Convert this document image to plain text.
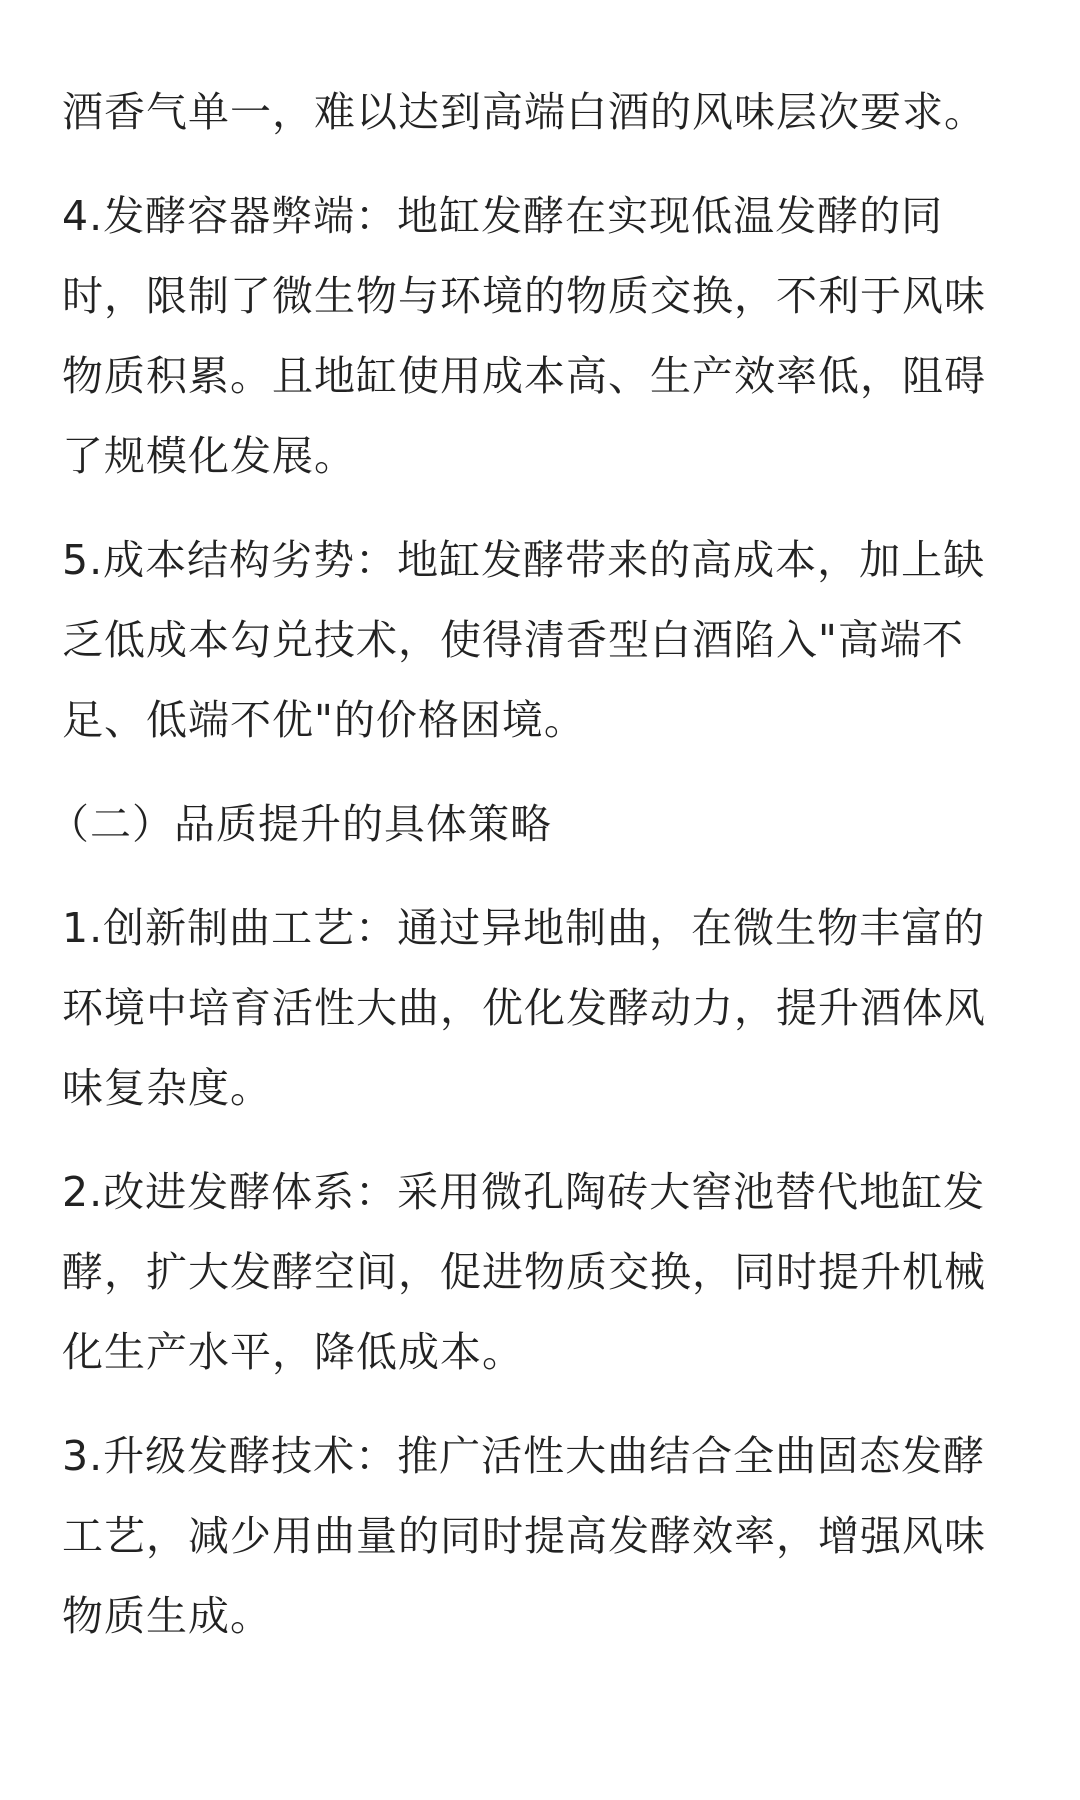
酒香气单一，难以达到高端白酒的风味层次要求。

4.发酵容器弊端：地缸发酵在实现低温发酵的同时，限制了微生物与环境的物质交换，不利于风味物质积累。且地缸使用成本高、生产效率低，阻碍了规模化发展。

5.成本结构劣势：地缸发酵带来的高成本，加上缺乏低成本勾兑技术，使得清香型白酒陷入"高端不足、低端不优"的价格困境。

（二）品质提升的具体策略

1.创新制曲工艺：通过异地制曲，在微生物丰富的环境中培育活性大曲，优化发酵动力，提升酒体风味复杂度。

2.改进发酵体系：采用微孔陶砖大窖池替代地缸发酵，扩大发酵空间，促进物质交换，同时提升机械化生产水平，降低成本。

3.升级发酵技术：推广活性大曲结合全曲固态发酵工艺，减少用曲量的同时提高发酵效率，增强风味物质生成。
